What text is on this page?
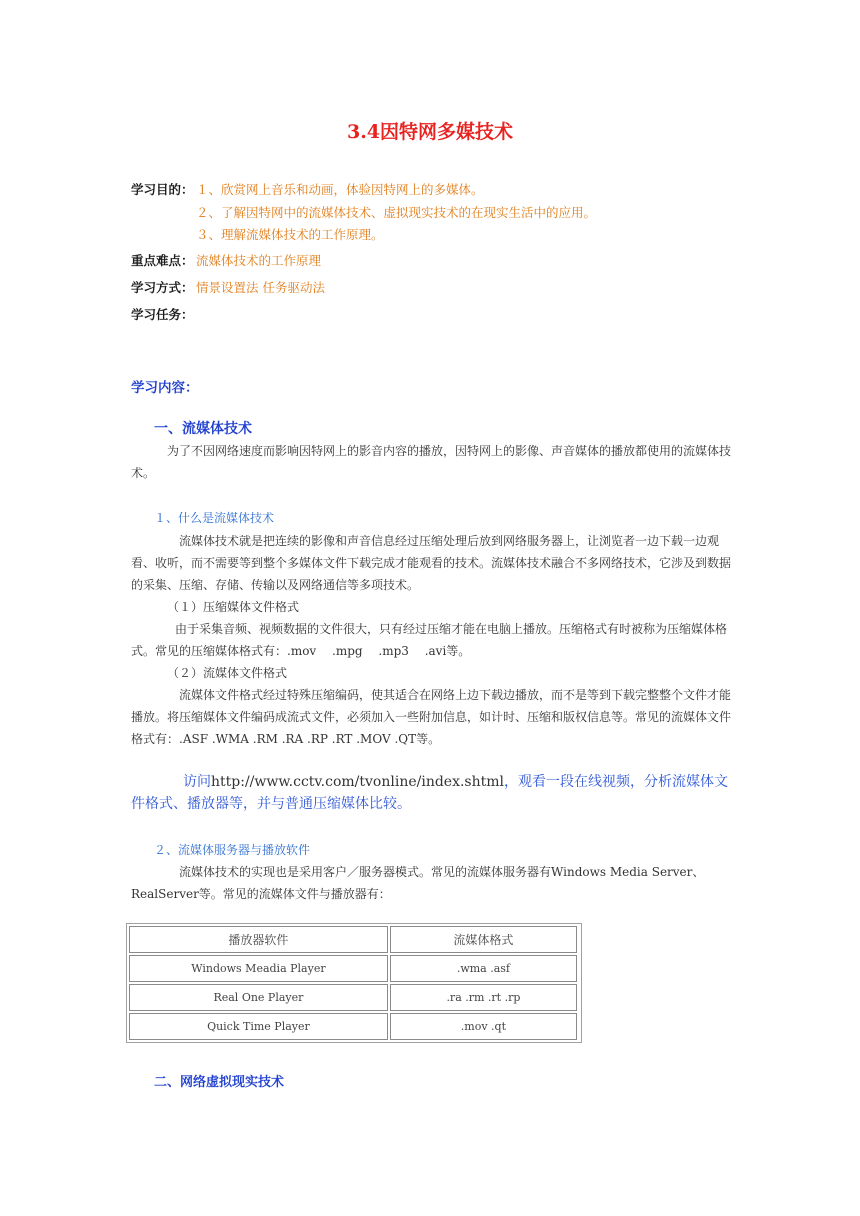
3.4因特网多媒技术
学习目的： １、欣赏网上音乐和动画，体验因特网上的多媒体。
２、了解因特网中的流媒体技术、虚拟现实技术的在现实生活中的应用。
３、理解流媒体技术的工作原理。
重点难点： 流媒体技术的工作原理
学习方式： 情景设置法 任务驱动法
学习任务：
学习内容：
一、流媒体技术
为了不因网络速度而影响因特网上的影音内容的播放，因特网上的影像、声音媒体的播放都使用的流媒体技术。
１、什么是流媒体技术
流媒体技术就是把连续的影像和声音信息经过压缩处理后放到网络服务器上，让浏览者一边下载一边观看、收听，而不需要等到整个多媒体文件下载完成才能观看的技术。流媒体技术融合不多网络技术，它涉及到数据的采集、压缩、存储、传输以及网络通信等多项技术。
（１）压缩媒体文件格式
由于采集音频、视频数据的文件很大，只有经过压缩才能在电脑上播放。压缩格式有时被称为压缩媒体格式。常见的压缩媒体格式有：.mov　 .mpg　 .mp3　 .avi等。
（２）流媒体文件格式
流媒体文件格式经过特殊压缩编码，使其适合在网络上边下载边播放，而不是等到下载完整整个文件才能播放。将压缩媒体文件编码成流式文件，必须加入一些附加信息，如计时、压缩和版权信息等。常见的流媒体文件格式有：.ASF .WMA .RM .RA .RP .RT .MOV .QT等。
访问http://www.cctv.com/tvonline/index.shtml，观看一段在线视频，分析流媒体文件格式、播放器等，并与普通压缩媒体比较。
２、流媒体服务器与播放软件
流媒体技术的实现也是采用客户／服务器模式。常见的流媒体服务器有Windows Media Server、RealServer等。常见的流媒体文件与播放器有：
播放器软件	流媒体格式
Windows Meadia Player	.wma .asf
Real One Player	.ra .rm .rt .rp
Quick Time Player	.mov .qt
二、网络虚拟现实技术
